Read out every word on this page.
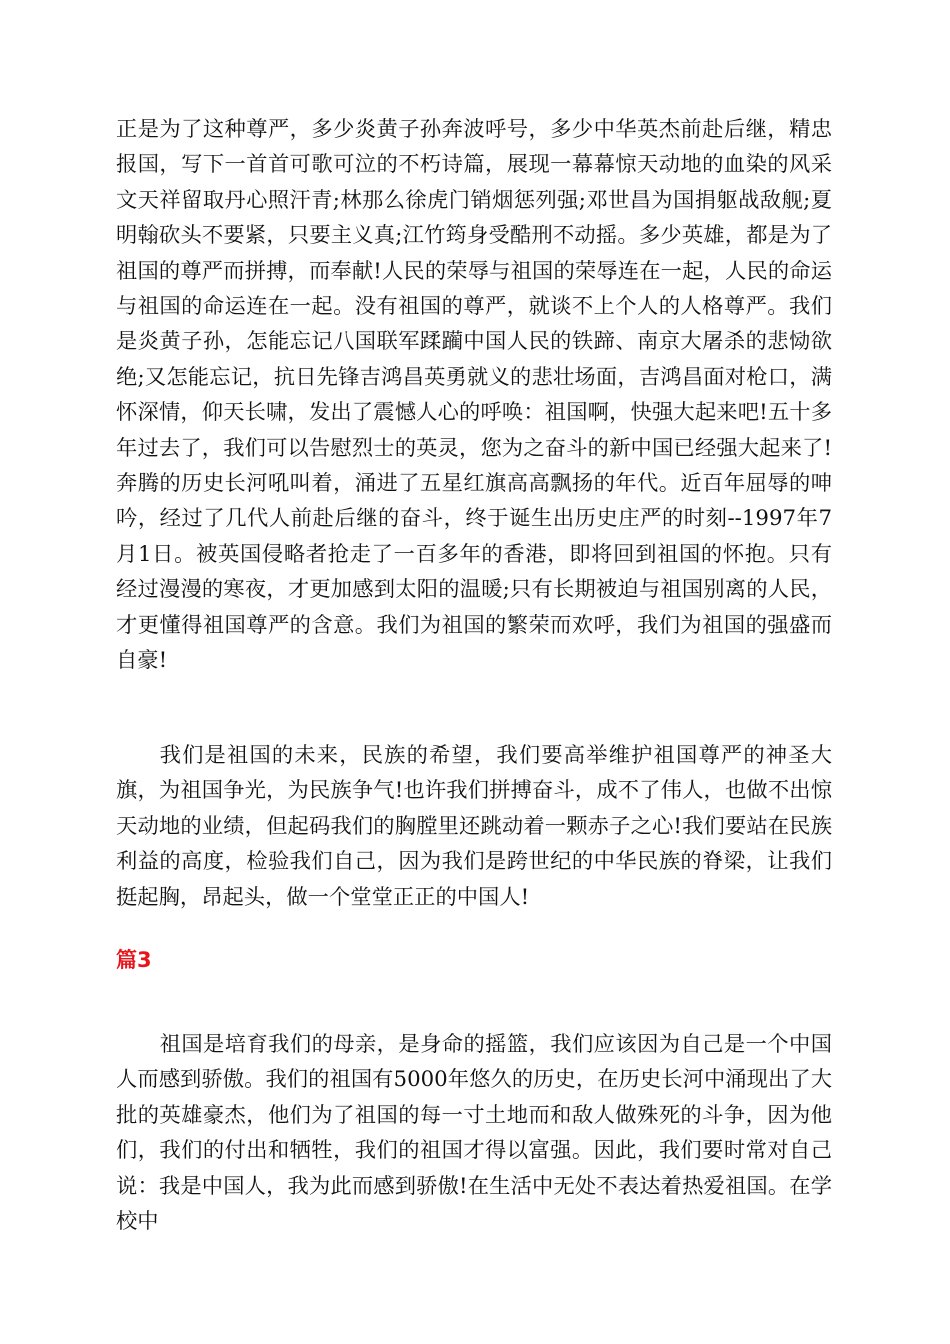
正是为了这种尊严，多少炎黄子孙奔波呼号，多少中华英杰前赴后继，精忠报国，写下一首首可歌可泣的不朽诗篇，展现一幕幕惊天动地的血染的风采文天祥留取丹心照汗青;林那么徐虎门销烟惩列强;邓世昌为国捐躯战敌舰;夏明翰砍头不要紧，只要主义真;江竹筠身受酷刑不动摇。多少英雄，都是为了祖国的尊严而拼搏，而奉献!人民的荣辱与祖国的荣辱连在一起，人民的命运与祖国的命运连在一起。没有祖国的尊严，就谈不上个人的人格尊严。我们是炎黄子孙，怎能忘记八国联军蹂躏中国人民的铁蹄、南京大屠杀的悲恸欲绝;又怎能忘记，抗日先锋吉鸿昌英勇就义的悲壮场面，吉鸿昌面对枪口，满怀深情，仰天长啸，发出了震憾人心的呼唤：祖国啊，快强大起来吧!五十多年过去了，我们可以告慰烈士的英灵，您为之奋斗的新中国已经强大起来了!奔腾的历史长河吼叫着，涌进了五星红旗高高飘扬的年代。近百年屈辱的呻吟，经过了几代人前赴后继的奋斗，终于诞生出历史庄严的时刻--1997年7月1日。被英国侵略者抢走了一百多年的香港，即将回到祖国的怀抱。只有经过漫漫的寒夜，才更加感到太阳的温暖;只有长期被迫与祖国别离的人民，才更懂得祖国尊严的含意。我们为祖国的繁荣而欢呼，我们为祖国的强盛而自豪!

我们是祖国的未来，民族的希望，我们要高举维护祖国尊严的神圣大旗，为祖国争光，为民族争气!也许我们拼搏奋斗，成不了伟人，也做不出惊天动地的业绩，但起码我们的胸膛里还跳动着一颗赤子之心!我们要站在民族利益的高度，检验我们自己，因为我们是跨世纪的中华民族的脊梁，让我们挺起胸，昂起头，做一个堂堂正正的中国人!

篇3

祖国是培育我们的母亲，是身命的摇篮，我们应该因为自己是一个中国人而感到骄傲。我们的祖国有5000年悠久的历史，在历史长河中涌现出了大批的英雄豪杰，他们为了祖国的每一寸土地而和敌人做殊死的斗争，因为他们，我们的付出和牺牲，我们的祖国才得以富强。因此，我们要时常对自己说：我是中国人，我为此而感到骄傲!在生活中无处不表达着热爱祖国。在学校中
